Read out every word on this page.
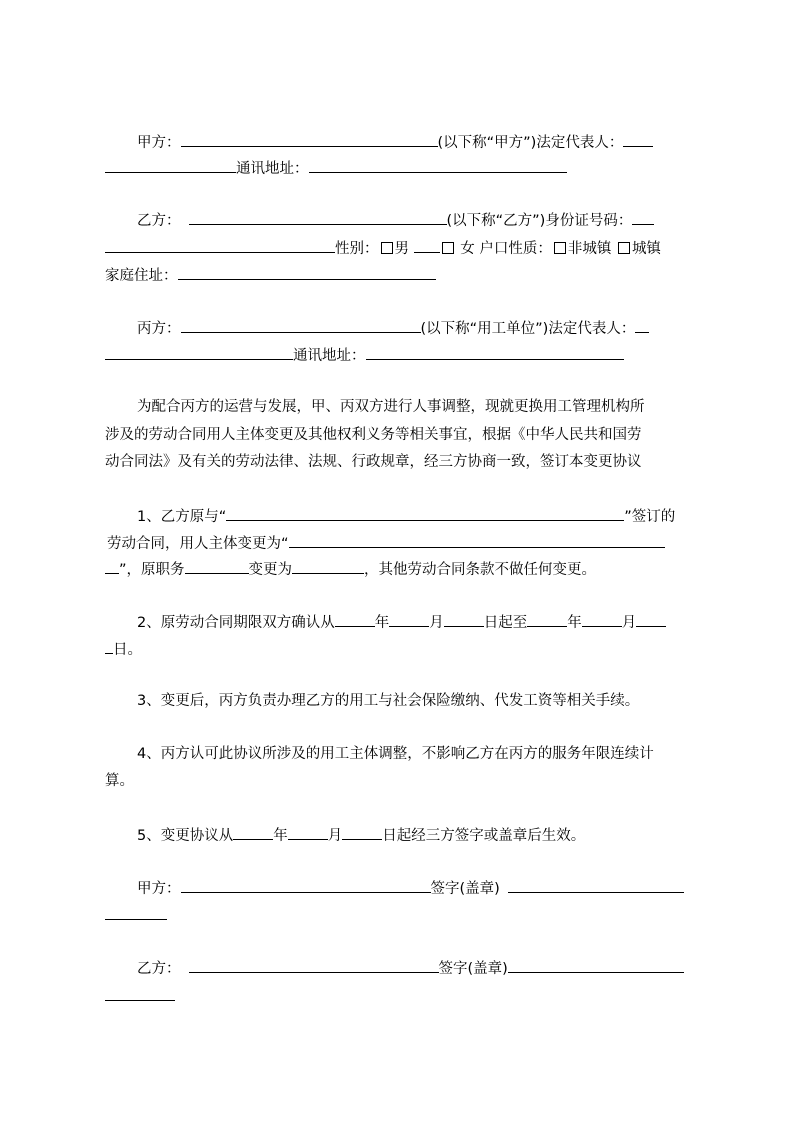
甲方：	(以下称“甲方”)法定代表人：

通讯地址：

乙方：	(以下称“乙方”)身份证号码：

性别： 男	女 户口性质： 非城镇 城镇

家庭住址：

丙方：	(以下称“用工单位”)法定代表人：

通讯地址：

为配合丙方的运营与发展，甲、丙双方进行人事调整，现就更换用工管理机构所

涉及的劳动合同用人主体变更及其他权利义务等相关事宜，根据《中华人民共和国劳

动合同法》及有关的劳动法律、法规、行政规章，经三方协商一致，签订本变更协议

1、乙方原与“	”签订的

劳动合同，用人主体变更为“

”，原职务	变更为	，其他劳动合同条款不做任何变更。

2、原劳动合同期限双方确认从	年	月	日起至	年	月

日。

3、变更后，丙方负责办理乙方的用工与社会保险缴纳、代发工资等相关手续。

4、丙方认可此协议所涉及的用工主体调整，不影响乙方在丙方的服务年限连续计

算。

5、变更协议从	年	月	日起经三方签字或盖章后生效。

甲方：	签字(盖章)

乙方：	签字(盖章)
